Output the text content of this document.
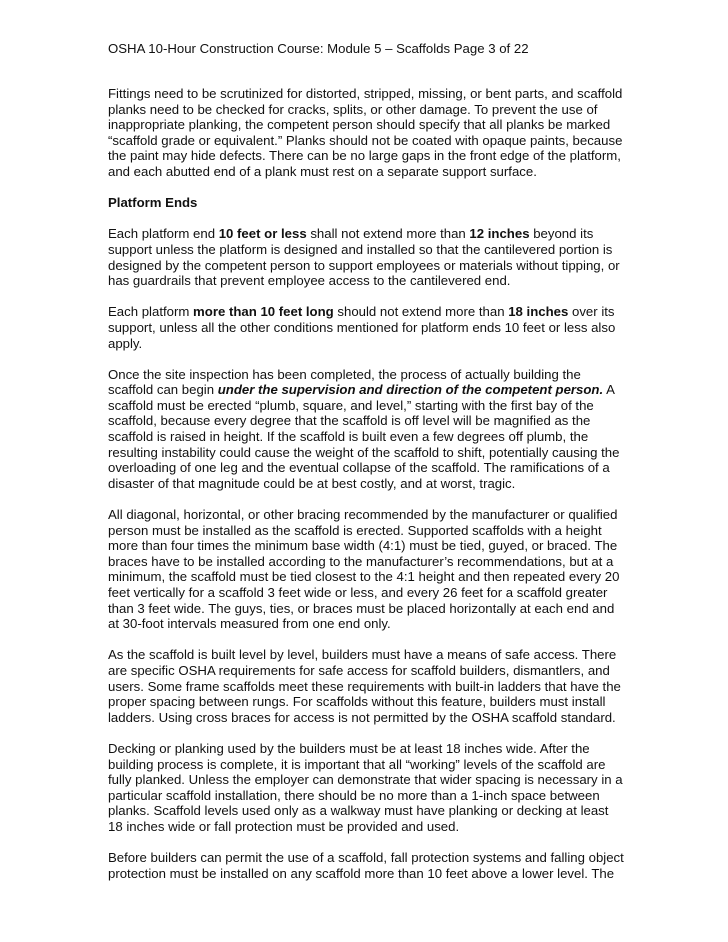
OSHA 10-Hour Construction Course: Module 5 – Scaffolds Page 3 of 22

Fittings need to be scrutinized for distorted, stripped, missing, or bent parts, and scaffold
planks need to be checked for cracks, splits, or other damage. To prevent the use of
inappropriate planking, the competent person should specify that all planks be marked
“scaffold grade or equivalent.” Planks should not be coated with opaque paints, because
the paint may hide defects. There can be no large gaps in the front edge of the platform,
and each abutted end of a plank must rest on a separate support surface.

Platform Ends

Each platform end 10 feet or less shall not extend more than 12 inches beyond its
support unless the platform is designed and installed so that the cantilevered portion is
designed by the competent person to support employees or materials without tipping, or
has guardrails that prevent employee access to the cantilevered end.

Each platform more than 10 feet long should not extend more than 18 inches over its
support, unless all the other conditions mentioned for platform ends 10 feet or less also
apply.

Once the site inspection has been completed, the process of actually building the
scaffold can begin under the supervision and direction of the competent person. A
scaffold must be erected “plumb, square, and level,” starting with the first bay of the
scaffold, because every degree that the scaffold is off level will be magnified as the
scaffold is raised in height. If the scaffold is built even a few degrees off plumb, the
resulting instability could cause the weight of the scaffold to shift, potentially causing the
overloading of one leg and the eventual collapse of the scaffold. The ramifications of a
disaster of that magnitude could be at best costly, and at worst, tragic.

All diagonal, horizontal, or other bracing recommended by the manufacturer or qualified
person must be installed as the scaffold is erected. Supported scaffolds with a height
more than four times the minimum base width (4:1) must be tied, guyed, or braced. The
braces have to be installed according to the manufacturer’s recommendations, but at a
minimum, the scaffold must be tied closest to the 4:1 height and then repeated every 20
feet vertically for a scaffold 3 feet wide or less, and every 26 feet for a scaffold greater
than 3 feet wide. The guys, ties, or braces must be placed horizontally at each end and
at 30-foot intervals measured from one end only.

As the scaffold is built level by level, builders must have a means of safe access. There
are specific OSHA requirements for safe access for scaffold builders, dismantlers, and
users. Some frame scaffolds meet these requirements with built-in ladders that have the
proper spacing between rungs. For scaffolds without this feature, builders must install
ladders. Using cross braces for access is not permitted by the OSHA scaffold standard.

Decking or planking used by the builders must be at least 18 inches wide. After the
building process is complete, it is important that all “working” levels of the scaffold are
fully planked. Unless the employer can demonstrate that wider spacing is necessary in a
particular scaffold installation, there should be no more than a 1-inch space between
planks. Scaffold levels used only as a walkway must have planking or decking at least
18 inches wide or fall protection must be provided and used.

Before builders can permit the use of a scaffold, fall protection systems and falling object
protection must be installed on any scaffold more than 10 feet above a lower level. The
